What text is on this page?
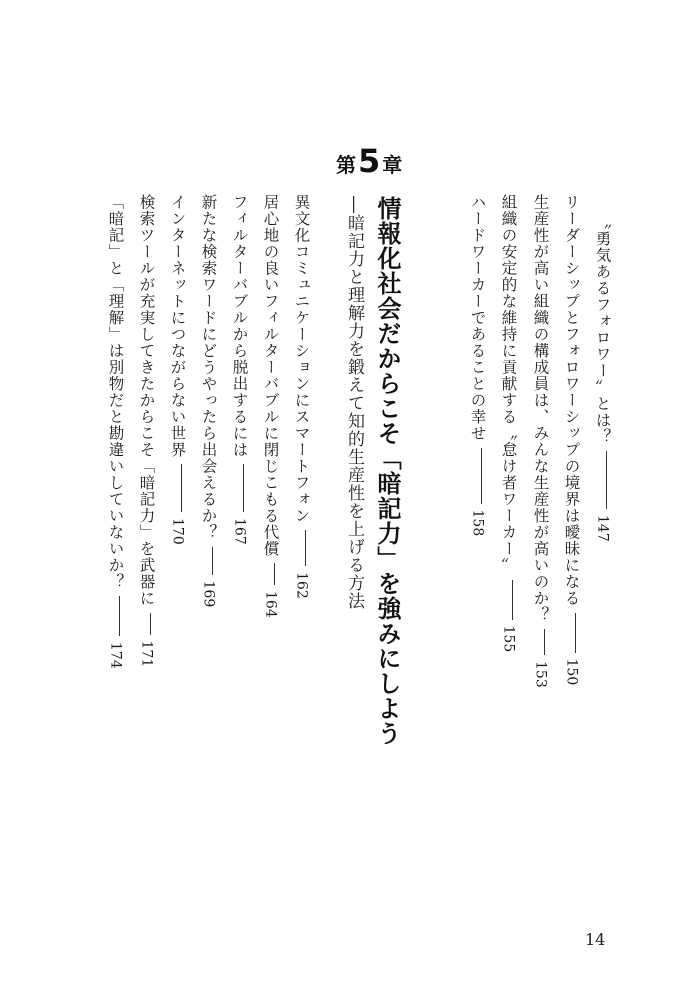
〝勇気あるフォロワー〟とは？147
リーダーシップとフォロワーシップの境界は曖昧になる150
生産性が高い組織の構成員は、みんな生産性が高いのか？153
組織の安定的な維持に貢献する〝怠け者ワーカー〟155
ハードワーカーであることの幸せ158
第 5 章
情報化社会だからこそ「暗記力」を強みにしよう
―暗記力と理解力を鍛えて知的生産性を上げる方法
異文化コミュニケーションにスマートフォン162
居心地の良いフィルターバブルに閉じこもる代償164
フィルターバブルから脱出するには167
新たな検索ワードにどうやったら出会えるか？169
インターネットにつながらない世界170
検索ツールが充実してきたからこそ「暗記力」を武器に171
「暗記」と「理解」は別物だと勘違いしていないか？174
14
